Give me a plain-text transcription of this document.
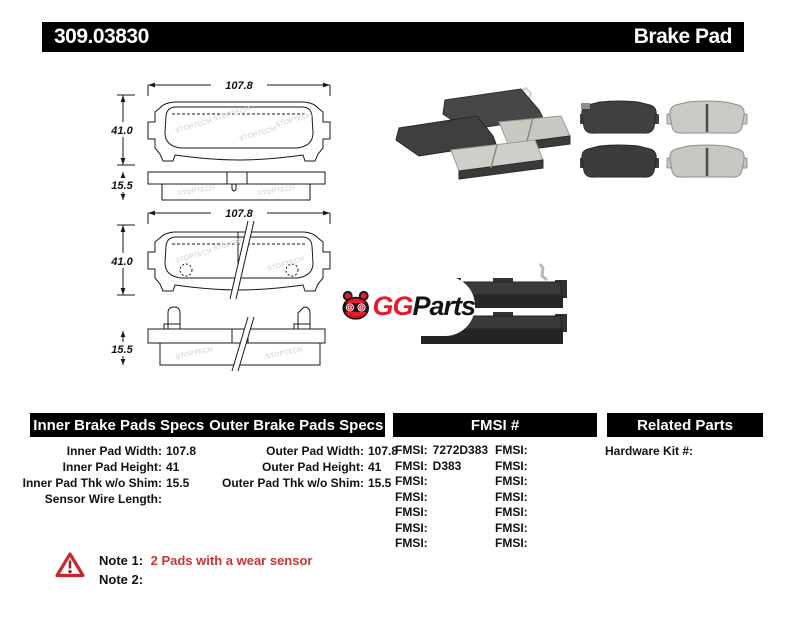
309.03830	Brake Pad
107.8
41.0	STOPTECH
STOPTECH
STOPTECH
STOPTECH
15.5	STOPTECH	STOPTECH
107.8
41.0	STOPTECH
STOPTECH
STOPTECH
15.5	STOPTECH	STOPTECH
G G GGParts
Inner Brake Pads Specs Outer Brake Pads Specs	FMSI #	Related Parts
Inner Pad Width: 107.8
Inner Pad Height: 41
Inner Pad Thk w/o Shim: 15.5
Sensor Wire Length:
Outer Pad Width: 107.8
Outer Pad Height: 41
Outer Pad Thk w/o Shim: 15.5
FMSI: 7272D383
FMSI: D383
FMSI:
FMSI:
FMSI:
FMSI:
FMSI:
FMSI:
FMSI:
FMSI:
FMSI:
FMSI:
FMSI:
FMSI:
Hardware Kit #:
Note 1: 2 Pads with a wear sensor
Note 2:
